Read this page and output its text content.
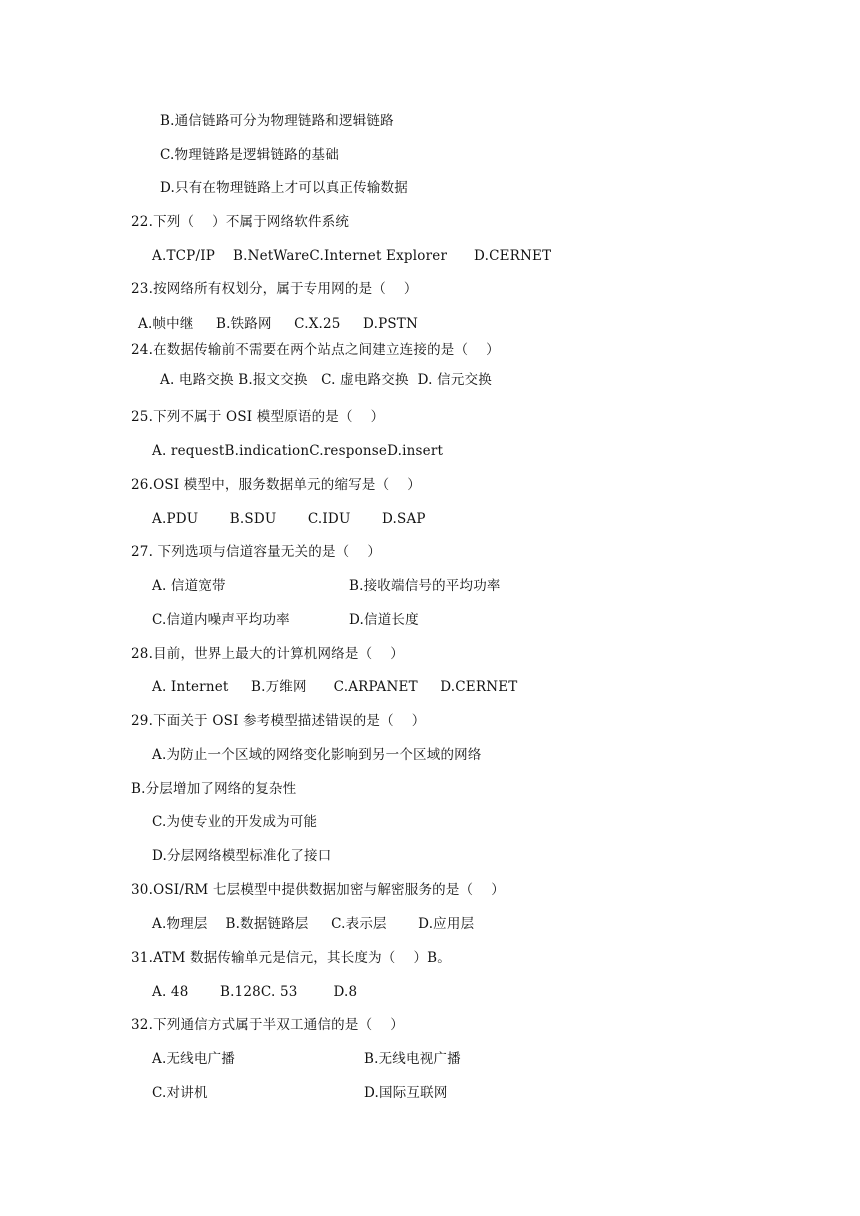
B.通信链路可分为物理链路和逻辑链路
C.物理链路是逻辑链路的基础
D.只有在物理链路上才可以真正传输数据
22.下列（    ）不属于网络软件系统
A.TCP/IP    B.NetWareC.Internet Explorer      D.CERNET
23.按网络所有权划分，属于专用网的是（    ）
A.帧中继     B.铁路网     C.X.25     D.PSTN
24.在数据传输前不需要在两个站点之间建立连接的是（    ）
A. 电路交换 B.报文交换   C. 虚电路交换  D. 信元交换
25.下列不属于 OSI 模型原语的是（    ）
A. requestB.indicationC.responseD.insert
26.OSI 模型中，服务数据单元的缩写是（    ）
A.PDU       B.SDU       C.IDU       D.SAP
27. 下列选项与信道容量无关的是（    ）
A. 信道宽带	B.接收端信号的平均功率
C.信道内噪声平均功率	D.信道长度
28.目前，世界上最大的计算机网络是（    ）
A. Internet     B.万维网      C.ARPANET     D.CERNET
29.下面关于 OSI 参考模型描述错误的是（    ）
A.为防止一个区域的网络变化影响到另一个区域的网络
B.分层增加了网络的复杂性
C.为使专业的开发成为可能
D.分层网络模型标准化了接口
30.OSI/RM 七层模型中提供数据加密与解密服务的是（    ）
A.物理层    B.数据链路层     C.表示层       D.应用层
31.ATM 数据传输单元是信元，其长度为（    ）B。
A. 48       B.128C. 53        D.8
32.下列通信方式属于半双工通信的是（    ）
A.无线电广播	B.无线电视广播
C.对讲机	D.国际互联网
